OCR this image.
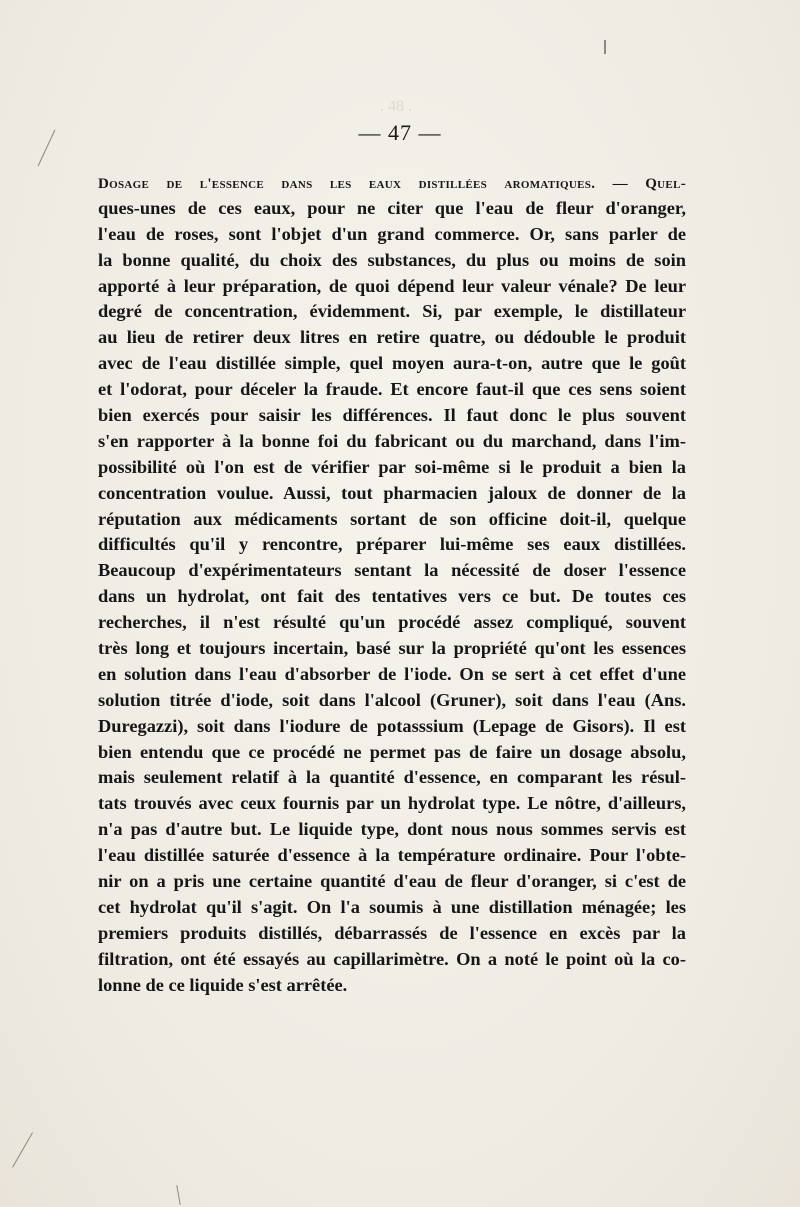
. 48 .
— 47 —
Dosage de l'essence dans les eaux distillées aromatiques. — Quel-
ques-unes de ces eaux, pour ne citer que l'eau de fleur d'oranger,
l'eau de roses, sont l'objet d'un grand commerce. Or, sans parler de
la bonne qualité, du choix des substances, du plus ou moins de soin
apporté à leur préparation, de quoi dépend leur valeur vénale? De leur
degré de concentration, évidemment. Si, par exemple, le distillateur
au lieu de retirer deux litres en retire quatre, ou dédouble le produit
avec de l'eau distillée simple, quel moyen aura-t-on, autre que le goût
et l'odorat, pour déceler la fraude. Et encore faut-il que ces sens soient
bien exercés pour saisir les différences. Il faut donc le plus souvent
s'en rapporter à la bonne foi du fabricant ou du marchand, dans l'im-
possibilité où l'on est de vérifier par soi-même si le produit a bien la
concentration voulue. Aussi, tout pharmacien jaloux de donner de la
réputation aux médicaments sortant de son officine doit-il, quelque
difficultés qu'il y rencontre, préparer lui-même ses eaux distillées.
Beaucoup d'expérimentateurs sentant la nécessité de doser l'essence
dans un hydrolat, ont fait des tentatives vers ce but. De toutes ces
recherches, il n'est résulté qu'un procédé assez compliqué, souvent
très long et toujours incertain, basé sur la propriété qu'ont les essences
en solution dans l'eau d'absorber de l'iode. On se sert à cet effet d'une
solution titrée d'iode, soit dans l'alcool (Gruner), soit dans l'eau (Ans.
Duregazzi), soit dans l'iodure de potasssium (Lepage de Gisors). Il est
bien entendu que ce procédé ne permet pas de faire un dosage absolu,
mais seulement relatif à la quantité d'essence, en comparant les résul-
tats trouvés avec ceux fournis par un hydrolat type. Le nôtre, d'ailleurs,
n'a pas d'autre but. Le liquide type, dont nous nous sommes servis est
l'eau distillée saturée d'essence à la température ordinaire. Pour l'obte-
nir on a pris une certaine quantité d'eau de fleur d'oranger, si c'est de
cet hydrolat qu'il s'agit. On l'a soumis à une distillation ménagée; les
premiers produits distillés, débarrassés de l'essence en excès par la
filtration, ont été essayés au capillarimètre. On a noté le point où la co-
lonne de ce liquide s'est arrêtée.
